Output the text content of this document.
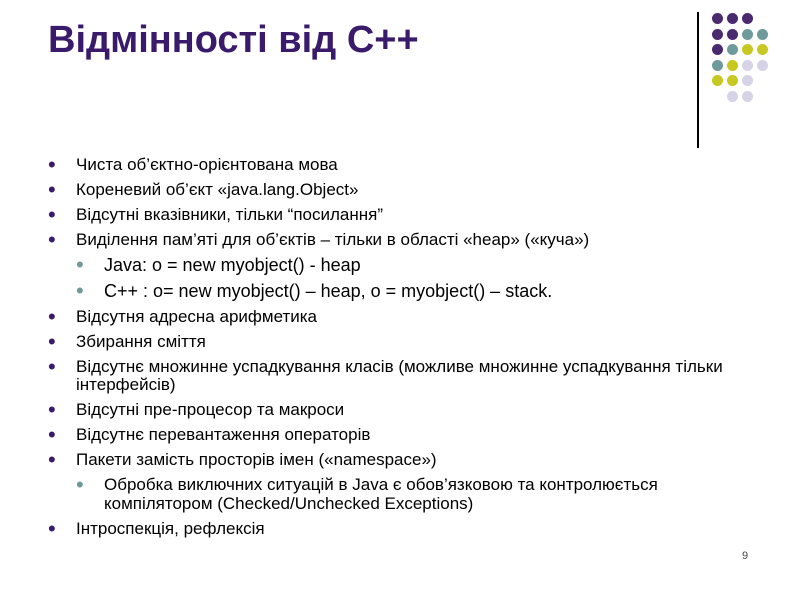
Відмінності від С++
• Чиста об’єктно-орієнтована мова
• Кореневий об’єкт «java.lang.Object»
• Відсутні вказівники, тільки “посилання”
• Виділення пам’яті для об’єктів – тільки в області «heap» («куча»)
• Java: o = new myobject() - heap
• C++ : o= new myobject() – heap, o = myobject() – stack.
• Відсутня адресна арифметика
• Збирання сміття
• Відсутнє множинне успадкування класів (можливе множинне успадкування тільки інтерфейсів)
• Відсутні пре-процесор та макроси
• Відсутнє перевантаження операторів
• Пакети замість просторів імен («namespace»)
• Обробка виключних ситуацій в Java є обов’язковою та контролюється компілятором (Checked/Unchecked Exceptions)
• Інтроспекція, рефлексія
9
